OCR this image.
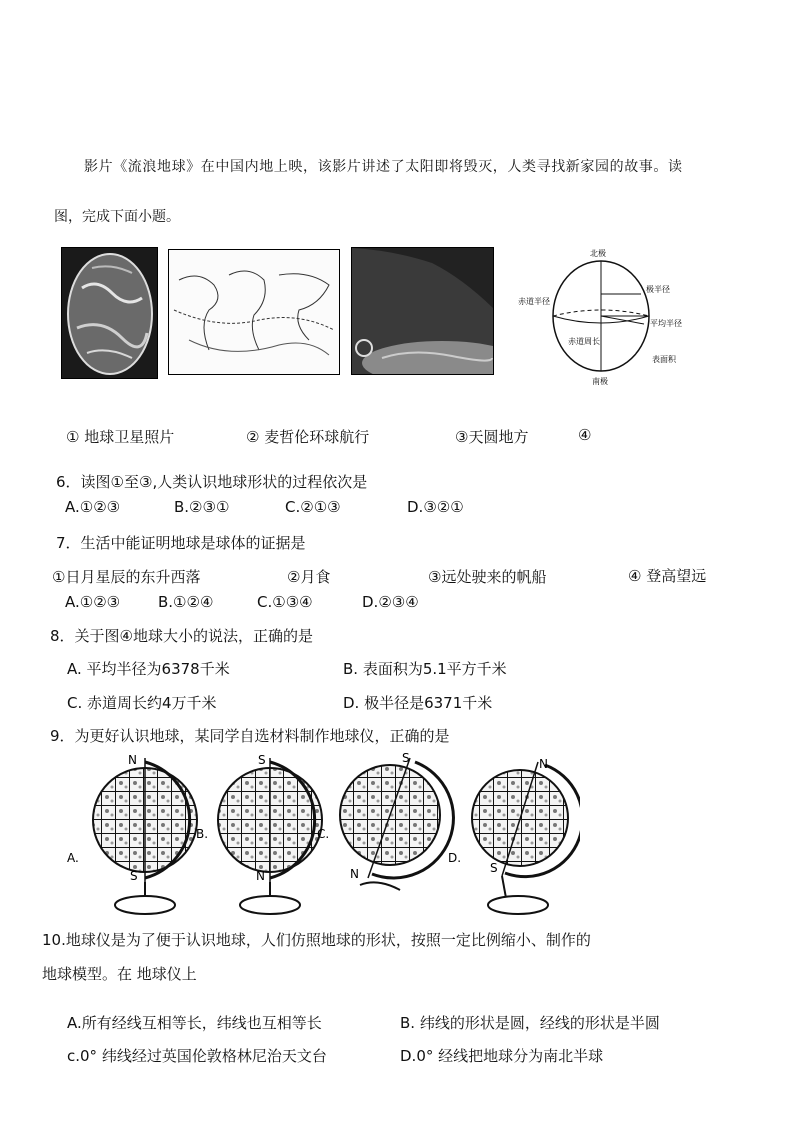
影片《流浪地球》在中国内地上映，该影片讲述了太阳即将毁灭，人类寻找新家园的故事。读
图，完成下面小题。
北极
极半径
赤道半径
平均半径
赤道周长
表面积
南极
① 地球卫星照片	② 麦哲伦环球航行	③天圆地方	④
6．读图①至③,人类认识地球形状的过程依次是
A.①②③	B.②③①	C.②①③	D.③②①
7．生活中能证明地球是球体的证据是
①日月星辰的东升西落	②月食	③远处驶来的帆船	④ 登高望远
A.①②③	B.①②④	C.①③④	D.②③④
8．关于图④地球大小的说法，正确的是
A. 平均半径为6378千米	B. 表面积为5.1平方千米
C. 赤道周长约4万千米	D. 极半径是6371千米
9．为更好认识地球，某同学自选材料制作地球仪，正确的是
N
S
A.
S
N
B.
S
N
C.
N
S
D.
10.地球仪是为了便于认识地球，人们仿照地球的形状，按照一定比例缩小、制作的
地球模型。在 地球仪上
A.所有经线互相等长，纬线也互相等长	B. 纬线的形状是圆，经线的形状是半圆
c.0° 纬线经过英国伦敦格林尼治天文台	D.0° 经线把地球分为南北半球
